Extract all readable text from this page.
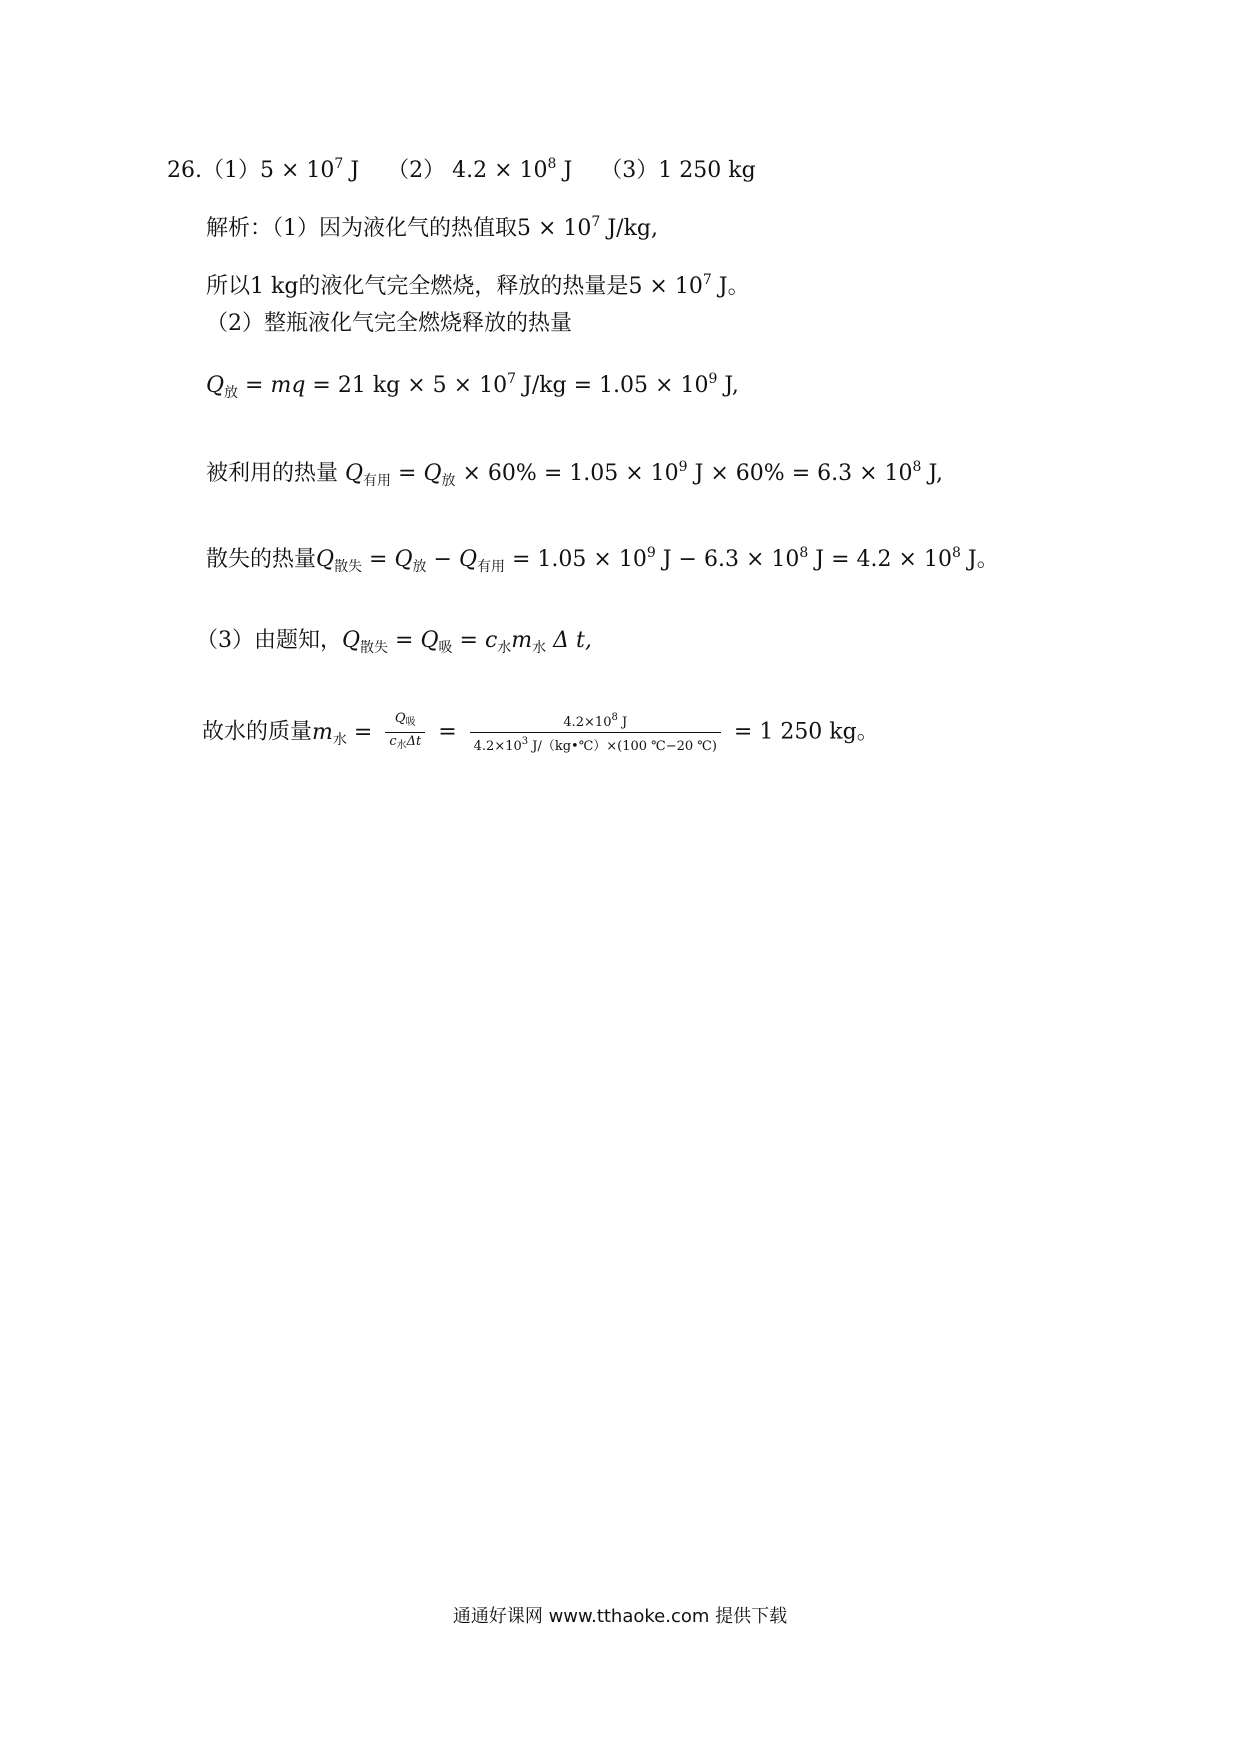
$26.(1)5 \times 10^7$ J （2） $4.2 \times 10^8$ J （3）1 250 kg
解析：（1）因为液化气的热值取$5 \times 10^7$ J/kg,
所以1 kg的液化气完全燃烧，释放的热量是$5 \times 10^7$ J。
（2）整瓶液化气完全燃烧释放的热量
$Q_放$ = mq = 21 kg × $5 \times 10^7$ $J/kg = 1.05 \times 10^9$ J,
被利用的热量 $Q_{有用} = Q_放 \times 60\% = 1.05 \times 10^9$ $J \times 60\% = 6.3 \times 10^8$ J,
散失的热量$Q_{散失} = Q_放 - Q_{有用} = 1.05 \times 10^9$ $J - 6.3 \times 10^8$ $J = 4.2 \times 10^8$ J。
（3）由题知，$Q_{散失} = Q_吸 = c_水m_水$ Δ t,
故水的质量$m_水 = \frac{Q_吸}{c_水\Delta t} = \frac{4.2\times 10^8 J}{4.2\times 10^3 J/(kg•℃)\times(100 ℃-20 ℃)} = 1$ 250 kg。
通通好课网 www.tthaoke.com 提供下载
